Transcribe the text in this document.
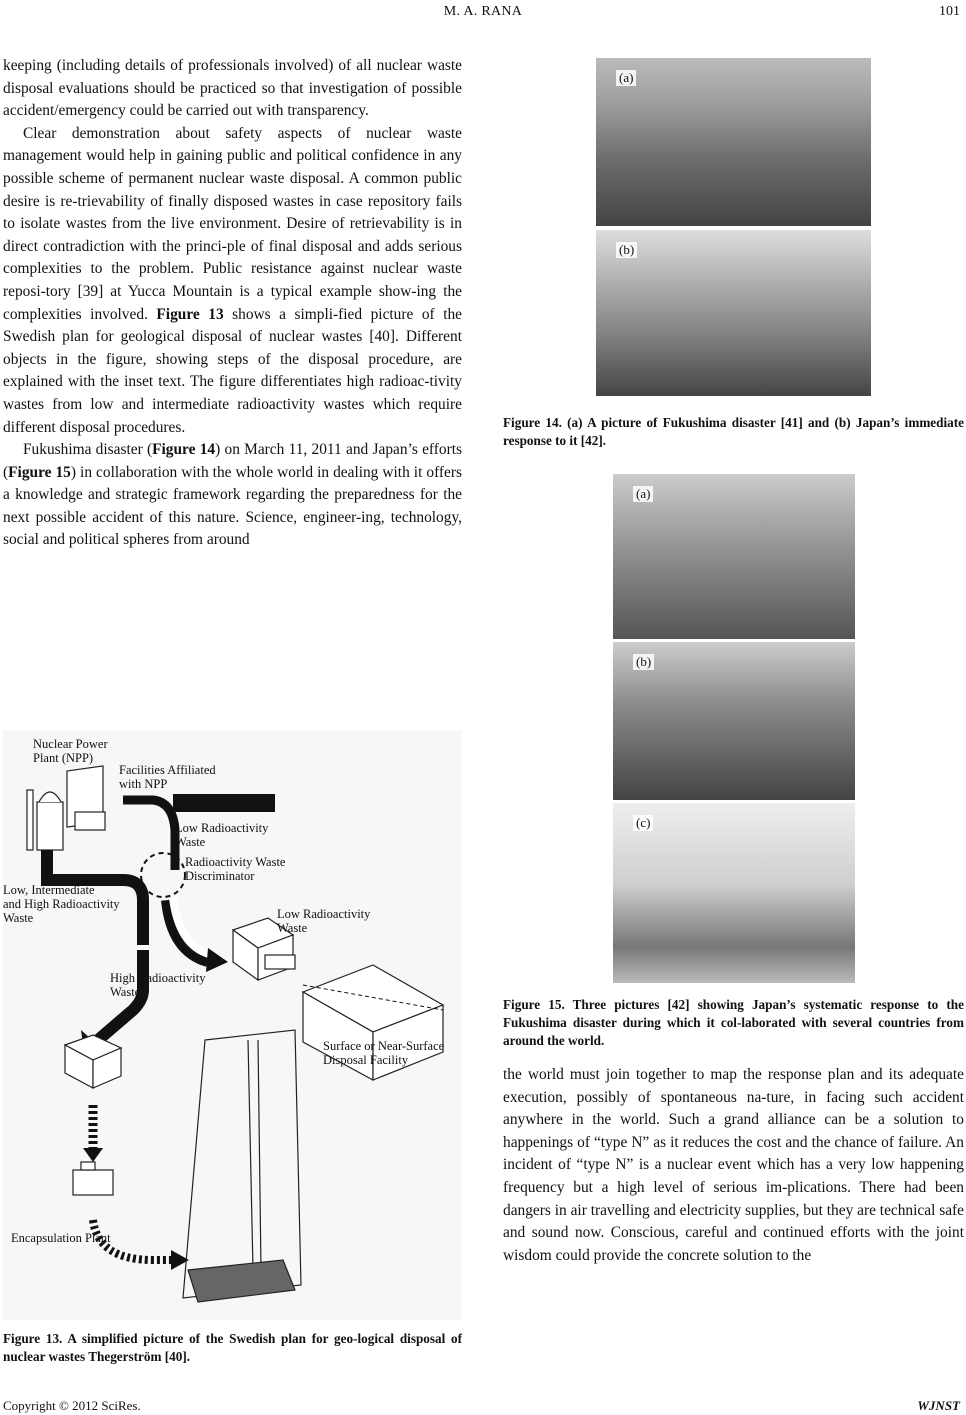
M. A. RANA	101

keeping (including details of professionals involved) of all nuclear waste disposal evaluations should be practiced so that investigation of possible accident/emergency could be carried out with transparency.

Clear demonstration about safety aspects of nuclear waste management would help in gaining public and political confidence in any possible scheme of permanent nuclear waste disposal. A common public desire is re-trievability of finally disposed wastes in case repository fails to isolate wastes from the live environment. Desire of retrievability is in direct contradiction with the princi-ple of final disposal and adds serious complexities to the problem. Public resistance against nuclear waste reposi-tory [39] at Yucca Mountain is a typical example show-ing the complexities involved. Figure 13 shows a simpli-fied picture of the Swedish plan for geological disposal of nuclear wastes [40]. Different objects in the figure, showing steps of the disposal procedure, are explained with the inset text. The figure differentiates high radioac-tivity wastes from low and intermediate radioactivity wastes which require different disposal procedures.

Fukushima disaster (Figure 14) on March 11, 2011 and Japan’s efforts (Figure 15) in collaboration with the whole world in dealing with it offers a knowledge and strategic framework regarding the preparedness for the next possible accident of this nature. Science, engineer-ing, technology, social and political spheres from around

Nuclear Power Plant (NPP)
Facilities Affiliated with NPP
Low Radioactivity Waste
Radioactivity Waste Discriminator
Low, Intermediate and High Radioactivity Waste	Low Radioactivity Waste
High Radioactivity Waste
Surface or Near-Surface Disposal Facility
Encapsulation Plant
Figure 13. A simplified picture of the Swedish plan for geo-logical disposal of nuclear wastes Thegerström [40].
(a)
(b)
Figure 14. (a) A picture of Fukushima disaster [41] and (b) Japan’s immediate response to it [42].
(a)
(b)
(c)
Figure 15. Three pictures [42] showing Japan’s systematic response to the Fukushima disaster during which it col-laborated with several countries from around the world.

the world must join together to map the response plan and its adequate execution, possibly of spontaneous na-ture, in facing such accident anywhere in the world. Such a grand alliance can be a solution to happenings of “type N” as it reduces the cost and the chance of failure. An incident of “type N” is a nuclear event which has a very low happening frequency but a high level of serious im-plications. There had been dangers in air travelling and electricity supplies, but they are technical safe and sound now. Conscious, careful and continued efforts with the joint wisdom could provide the concrete solution to the

Copyright © 2012 SciRes.	WJNST
